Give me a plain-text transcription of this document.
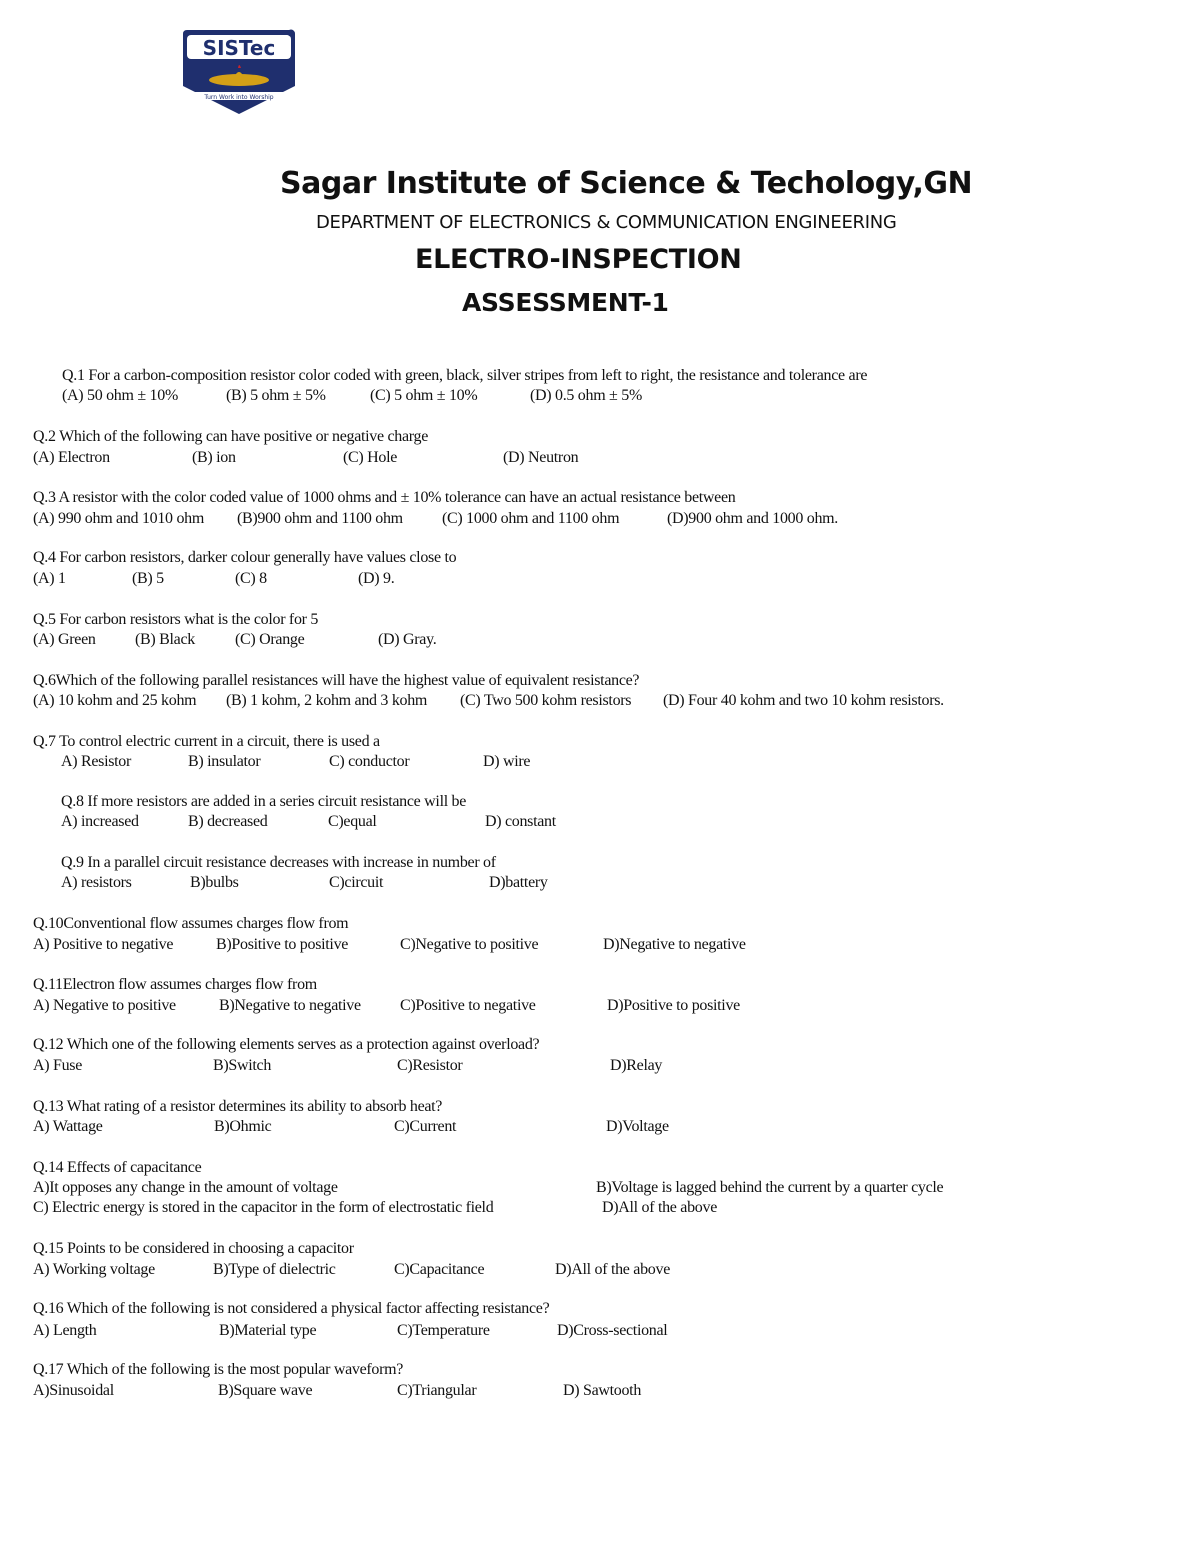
SISTec
Turn Work into Worship
Sagar Institute of Science & Techology,GN
DEPARTMENT OF ELECTRONICS & COMMUNICATION ENGINEERING
ELECTRO-INSPECTION
ASSESSMENT-1
Q.1 For a carbon-composition resistor color coded with green, black, silver stripes from left to right, the resistance and tolerance are
(A) 50 ohm ± 10%	(B) 5 ohm ± 5%	(C) 5 ohm ± 10%	(D) 0.5 ohm ± 5%
Q.2 Which of the following can have positive or negative charge
(A) Electron	(B) ion	(C) Hole	(D) Neutron
Q.3 A resistor with the color coded value of 1000 ohms and ± 10% tolerance can have an actual resistance between
(A) 990 ohm and 1010 ohm (B)900 ohm and 1100 ohm (C) 1000 ohm and 1100 ohm	(D)900 ohm and 1000 ohm.
Q.4 For carbon resistors, darker colour generally have values close to
(A) 1	(B) 5	(C) 8	(D) 9.
Q.5 For carbon resistors what is the color for 5
(A) Green (B) Black	(C) Orange	(D) Gray.
Q.6Which of the following parallel resistances will have the highest value of equivalent resistance?
(A) 10 kohm and 25 kohm (B) 1 kohm, 2 kohm and 3 kohm (C) Two 500 kohm resistors (D) Four 40 kohm and two 10 kohm resistors.
Q.7 To control electric current in a circuit, there is used a
A) Resistor	B) insulator	C) conductor	D) wire
Q.8 If more resistors are added in a series circuit resistance will be
A) increased	B) decreased	C)equal	D) constant
Q.9 In a parallel circuit resistance decreases with increase in number of
A) resistors	B)bulbs	C)circuit	D)battery
Q.10Conventional flow assumes charges flow from
A) Positive to negative	B)Positive to positive	C)Negative to positive	D)Negative to negative
Q.11Electron flow assumes charges flow from
A) Negative to positive	B)Negative to negative C)Positive to negative	D)Positive to positive
Q.12 Which one of the following elements serves as a protection against overload?
A) Fuse	B)Switch	C)Resistor	D)Relay
Q.13 What rating of a resistor determines its ability to absorb heat?
A) Wattage	B)Ohmic	C)Current	D)Voltage
Q.14 Effects of capacitance
A)It opposes any change in the amount of voltage	B)Voltage is lagged behind the current by a quarter cycle
C) Electric energy is stored in the capacitor in the form of electrostatic field	D)All of the above
Q.15 Points to be considered in choosing a capacitor
A) Working voltage	B)Type of dielectric	C)Capacitance	D)All of the above
Q.16 Which of the following is not considered a physical factor affecting resistance?
A) Length	B)Material type	C)Temperature	D)Cross-sectional
Q.17 Which of the following is the most popular waveform?
A)Sinusoidal	B)Square wave	C)Triangular	D) Sawtooth
